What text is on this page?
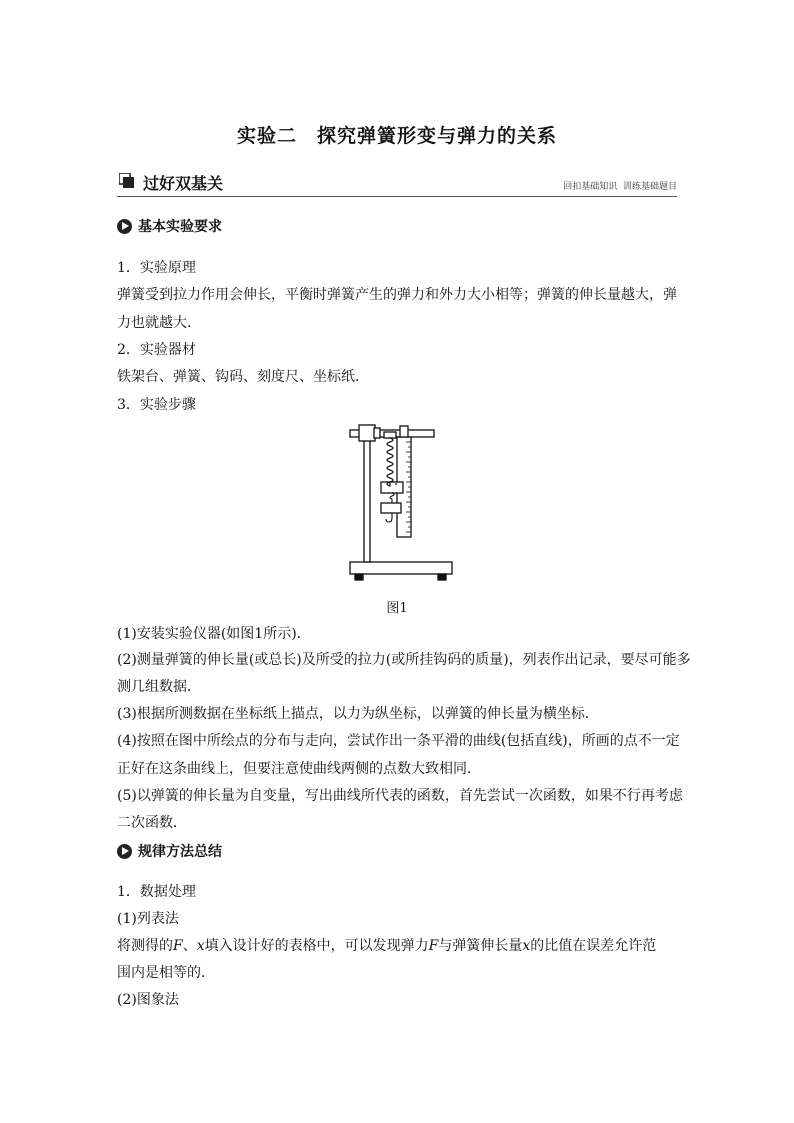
实验二　探究弹簧形变与弹力的关系
过好双基关	回扣基础知识  训练基础题目
基本实验要求
1．实验原理
弹簧受到拉力作用会伸长，平衡时弹簧产生的弹力和外力大小相等；弹簧的伸长量越大，弹
力也就越大．
2．实验器材
铁架台、弹簧、钩码、刻度尺、坐标纸．
3．实验步骤
图1
(1)安装实验仪器(如图1所示)．
(2)测量弹簧的伸长量(或总长)及所受的拉力(或所挂钩码的质量)，列表作出记录，要尽可能多
测几组数据．
(3)根据所测数据在坐标纸上描点，以力为纵坐标，以弹簧的伸长量为横坐标．
(4)按照在图中所绘点的分布与走向，尝试作出一条平滑的曲线(包括直线)，所画的点不一定
正好在这条曲线上，但要注意使曲线两侧的点数大致相同．
(5)以弹簧的伸长量为自变量，写出曲线所代表的函数，首先尝试一次函数，如果不行再考虑
二次函数．
规律方法总结
1．数据处理
(1)列表法
将测得的F、x填入设计好的表格中，可以发现弹力F与弹簧伸长量x的比值在误差允许范
围内是相等的．
(2)图象法
